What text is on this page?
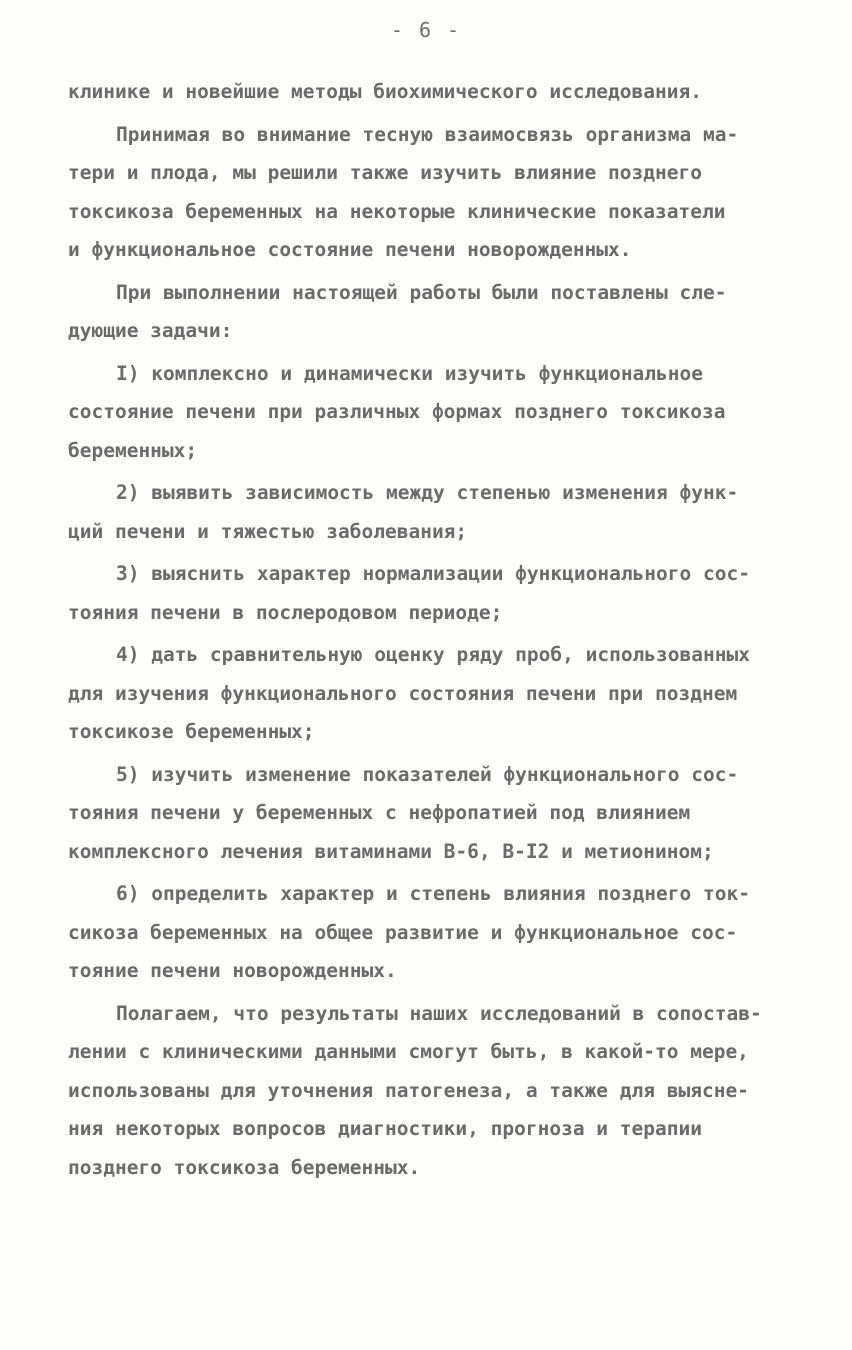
- 6 -
клинике и новейшие методы биохимического исследования.
Принимая во внимание тесную взаимосвязь организма ма-
тери и плода, мы решили также изучить влияние позднего
токсикоза беременных на некоторые клинические показатели
и функциональное состояние печени новорожденных.
При выполнении настоящей работы были поставлены сле-
дующие задачи:
I) комплексно и динамически изучить функциональное
состояние печени при различных формах позднего токсикоза
беременных;
2) выявить зависимость между степенью изменения функ-
ций печени и тяжестью заболевания;
3) выяснить характер нормализации функционального сос-
тояния печени в послеродовом периоде;
4) дать сравнительную оценку ряду проб, использованных
для изучения функционального состояния печени при позднем
токсикозе беременных;
5) изучить изменение показателей функционального сос-
тояния печени у беременных с нефропатией под влиянием
комплексного лечения витаминами В-6, В-I2 и метионином;
6) определить характер и степень влияния позднего ток-
сикоза беременных на общее развитие и функциональное сос-
тояние печени новорожденных.
Полагаем, что результаты наших исследований в сопостав-
лении с клиническими данными смогут быть, в какой-то мере,
использованы для уточнения патогенеза, а также для выясне-
ния некоторых вопросов диагностики, прогноза и терапии
позднего токсикоза беременных.
